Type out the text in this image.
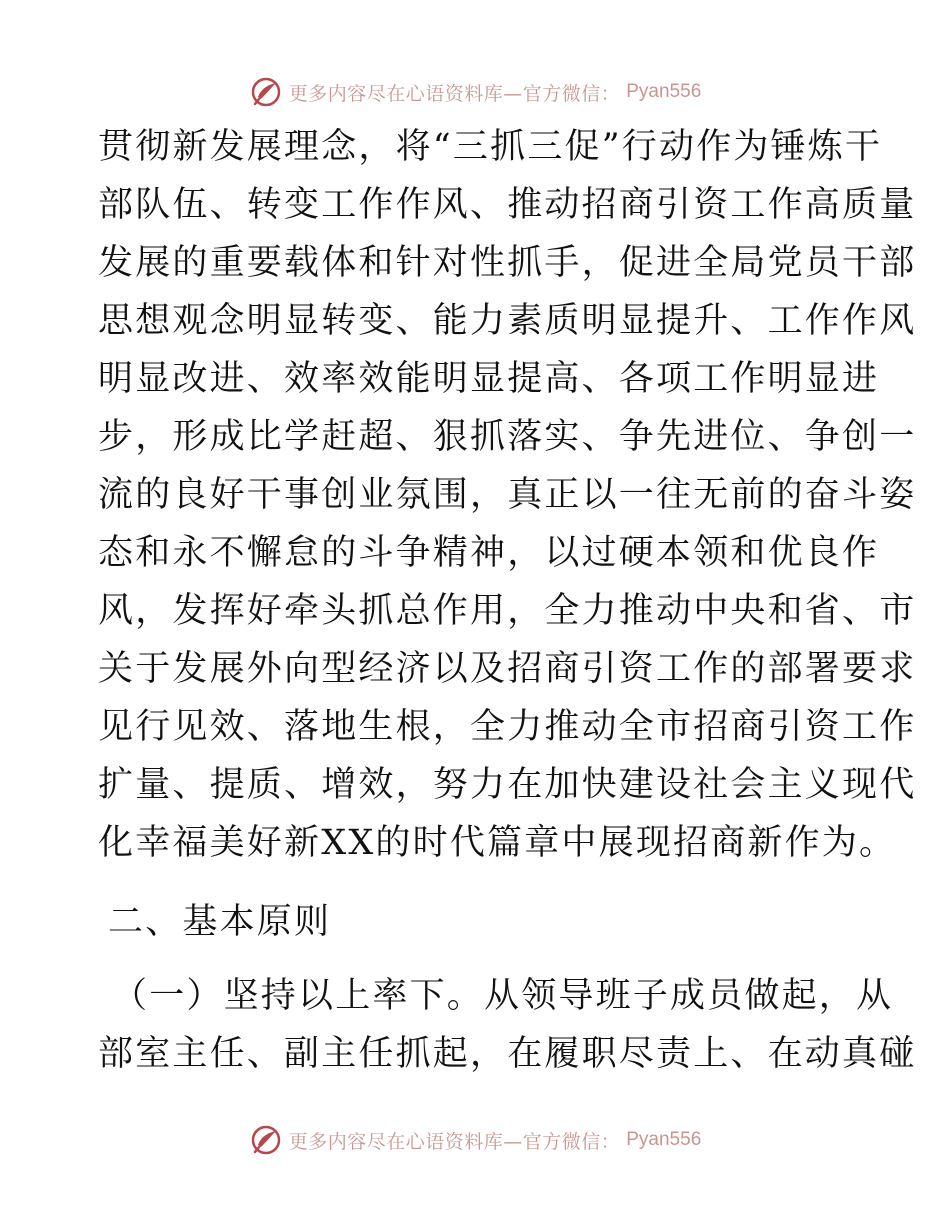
更多内容尽在心语资料库—官方微信： Pyan556
贯彻新发展理念，将“三抓三促”行动作为锤炼干
部队伍、转变工作作风、推动招商引资工作高质量
发展的重要载体和针对性抓手，促进全局党员干部
思想观念明显转变、能力素质明显提升、工作作风
明显改进、效率效能明显提高、各项工作明显进
步，形成比学赶超、狠抓落实、争先进位、争创一
流的良好干事创业氛围，真正以一往无前的奋斗姿
态和永不懈怠的斗争精神，以过硬本领和优良作
风，发挥好牵头抓总作用，全力推动中央和省、市
关于发展外向型经济以及招商引资工作的部署要求
见行见效、落地生根，全力推动全市招商引资工作
扩量、提质、增效，努力在加快建设社会主义现代
化幸福美好新XX的时代篇章中展现招商新作为。
二、基本原则
（一）坚持以上率下。从领导班子成员做起，从
部室主任、副主任抓起，在履职尽责上、在动真碰
更多内容尽在心语资料库—官方微信： Pyan556
